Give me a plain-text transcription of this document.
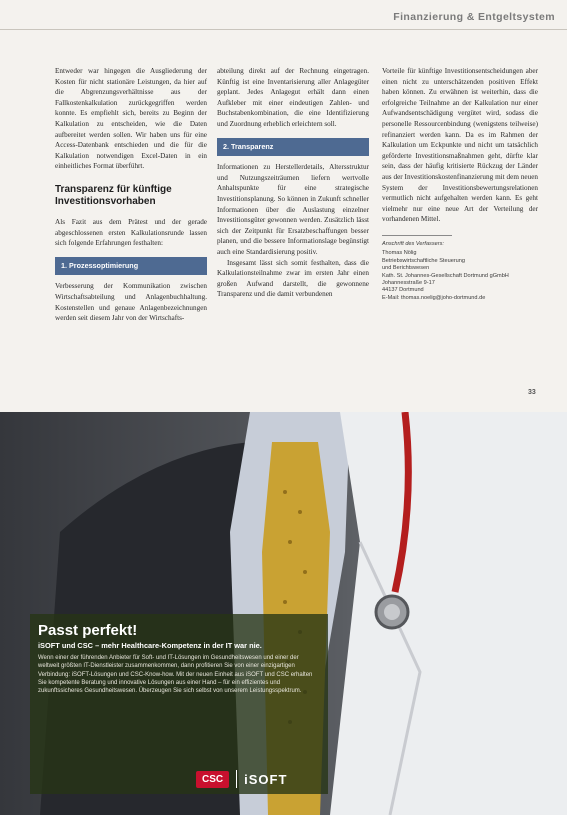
Finanzierung & Entgeltsystem

Entweder war hingegen die Ausgliederung der Kosten für nicht stationäre Leistungen, da hier auf die Abgrenzungsverhältnisse aus der Fallkostenkalkulation zurückgegriffen werden konnte. Es empfiehlt sich, bereits zu Beginn der Kalkulation zu entscheiden, wie die Daten aufbereitet werden sollen. Wir haben uns für eine Access-Datenbank entschieden und die für die Kalkulation notwendigen Excel-Daten in ein einheitliches Format überführt.

Transparenz für künftige Investitionsvorhaben

Als Fazit aus dem Prätest und der gerade abgeschlossenen ersten Kalkulationsrunde lassen sich folgende Erfahrungen festhalten:

1. Prozessoptimierung

Verbesserung der Kommunikation zwischen Wirtschaftsabteilung und Anlagenbuchhaltung. Kostenstellen und genaue Anlagenbezeichnungen werden seit diesem Jahr von der Wirtschafts-

abteilung direkt auf der Rechnung eingetragen. Künftig ist eine Inventarisierung aller Anlagegüter geplant. Jedes Anlagegut erhält dann einen Aufkleber mit einer eindeutigen Zahlen- und Buchstabenkombination, die eine Identifizierung und Zuordnung erheblich erleichtern soll.

2. Transparenz

Informationen zu Herstellerdetails, Altersstruktur und Nutzungszeiträumen liefern wertvolle Anhaltspunkte für eine strategische Investitionsplanung. So können in Zukunft schneller Informationen über die Auslastung einzelner Investitionsgüter gewonnen werden. Zusätzlich lässt sich der Zeitpunkt für Ersatzbeschaffungen besser planen, und die bessere Informationslage begünstigt auch eine Standardisierung positiv.

Insgesamt lässt sich somit festhalten, dass die Kalkulationsteilnahme zwar im ersten Jahr einen großen Aufwand darstellt, die gewonnene Transparenz und die damit verbundenen

Vorteile für künftige Investitionsentscheidungen aber einen nicht zu unterschätzenden positiven Effekt haben können. Zu erwähnen ist weiterhin, dass die erfolgreiche Teilnahme an der Kalkulation nur einer Aufwandsentschädigung vergütet wird, sodass die personelle Ressourcenbindung (wenigstens teilweise) refinanziert werden kann. Da es im Rahmen der Kalkulation um Eckpunkte und nicht um tatsächlich geförderte Investitionsmaßnahmen geht, dürfte klar sein, dass der häufig kritisierte Rückzug der Länder aus der Investitionskostenfinanzierung mit dem neuen System der Investitionsbewertungsrelationen vermutlich nicht aufgehalten werden kann. Es geht vielmehr nur eine neue Art der Verteilung der vorhandenen Mittel.

Anschrift des Verfassers:
Thomas Nölig
Betriebswirtschaftliche Steuerung
und Berichtswesen
Kath. St. Johannes-Gesellschaft Dortmund gGmbH
Johannesstraße 9-17
44137 Dortmund
E-Mail: thomas.noelig@joho-dortmund.de
33
Passt perfekt!
iSOFT und CSC – mehr Healthcare-Kompetenz in der IT war nie.
Wenn einer der führenden Anbieter für Soft- und IT-Lösungen im Gesundheitswesen und einer der weltweit größten IT-Dienstleister zusammenkommen, dann profitieren Sie von einer einzigartigen Verbindung: iSOFT-Lösungen und CSC-Know-how. Mit der neuen Einheit aus iSOFT und CSC erhalten Sie kompetente Beratung und innovative Lösungen aus einer Hand – für ein effizientes und zukunftssicheres Gesundheitswesen. Überzeugen Sie sich selbst von unserem Leistungsspektrum.
CSC	iSOFT
